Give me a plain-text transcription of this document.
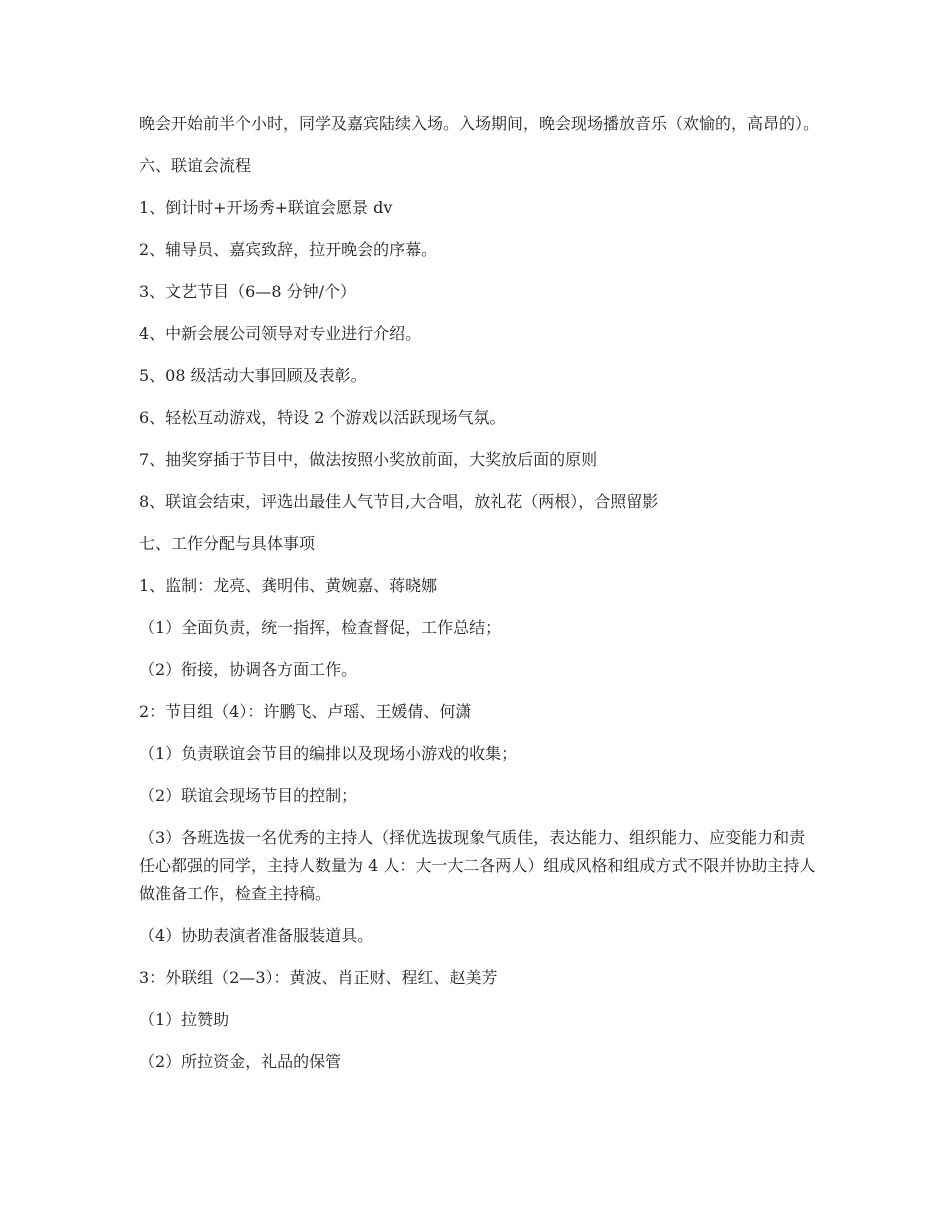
晚会开始前半个小时，同学及嘉宾陆续入场。入场期间，晚会现场播放音乐（欢愉的，高昂的）。

六、联谊会流程

1、倒计时+开场秀+联谊会愿景 dv

2、辅导员、嘉宾致辞，拉开晚会的序幕。

3、文艺节目（6—8 分钟/个）

4、中新会展公司领导对专业进行介绍。

5、08 级活动大事回顾及表彰。

6、轻松互动游戏，特设 2 个游戏以活跃现场气氛。

7、抽奖穿插于节目中，做法按照小奖放前面，大奖放后面的原则

8、联谊会结束，评选出最佳人气节目,大合唱，放礼花（两根），合照留影

七、工作分配与具体事项

1、监制：龙亮、龚明伟、黄婉嘉、蒋晓娜

（1）全面负责，统一指挥，检查督促，工作总结；

（2）衔接，协调各方面工作。

2：节目组（4）：许鹏飞、卢瑶、王媛倩、何潇

（1）负责联谊会节目的编排以及现场小游戏的收集；

（2）联谊会现场节目的控制；

（3）各班选拔一名优秀的主持人（择优选拔现象气质佳，表达能力、组织能力、应变能力和责任心都强的同学，主持人数量为 4 人：大一大二各两人）组成风格和组成方式不限并协助主持人做准备工作，检查主持稿。

（4）协助表演者准备服装道具。

3：外联组（2—3）：黄波、肖正财、程红、赵美芳

（1）拉赞助

（2）所拉资金，礼品的保管
